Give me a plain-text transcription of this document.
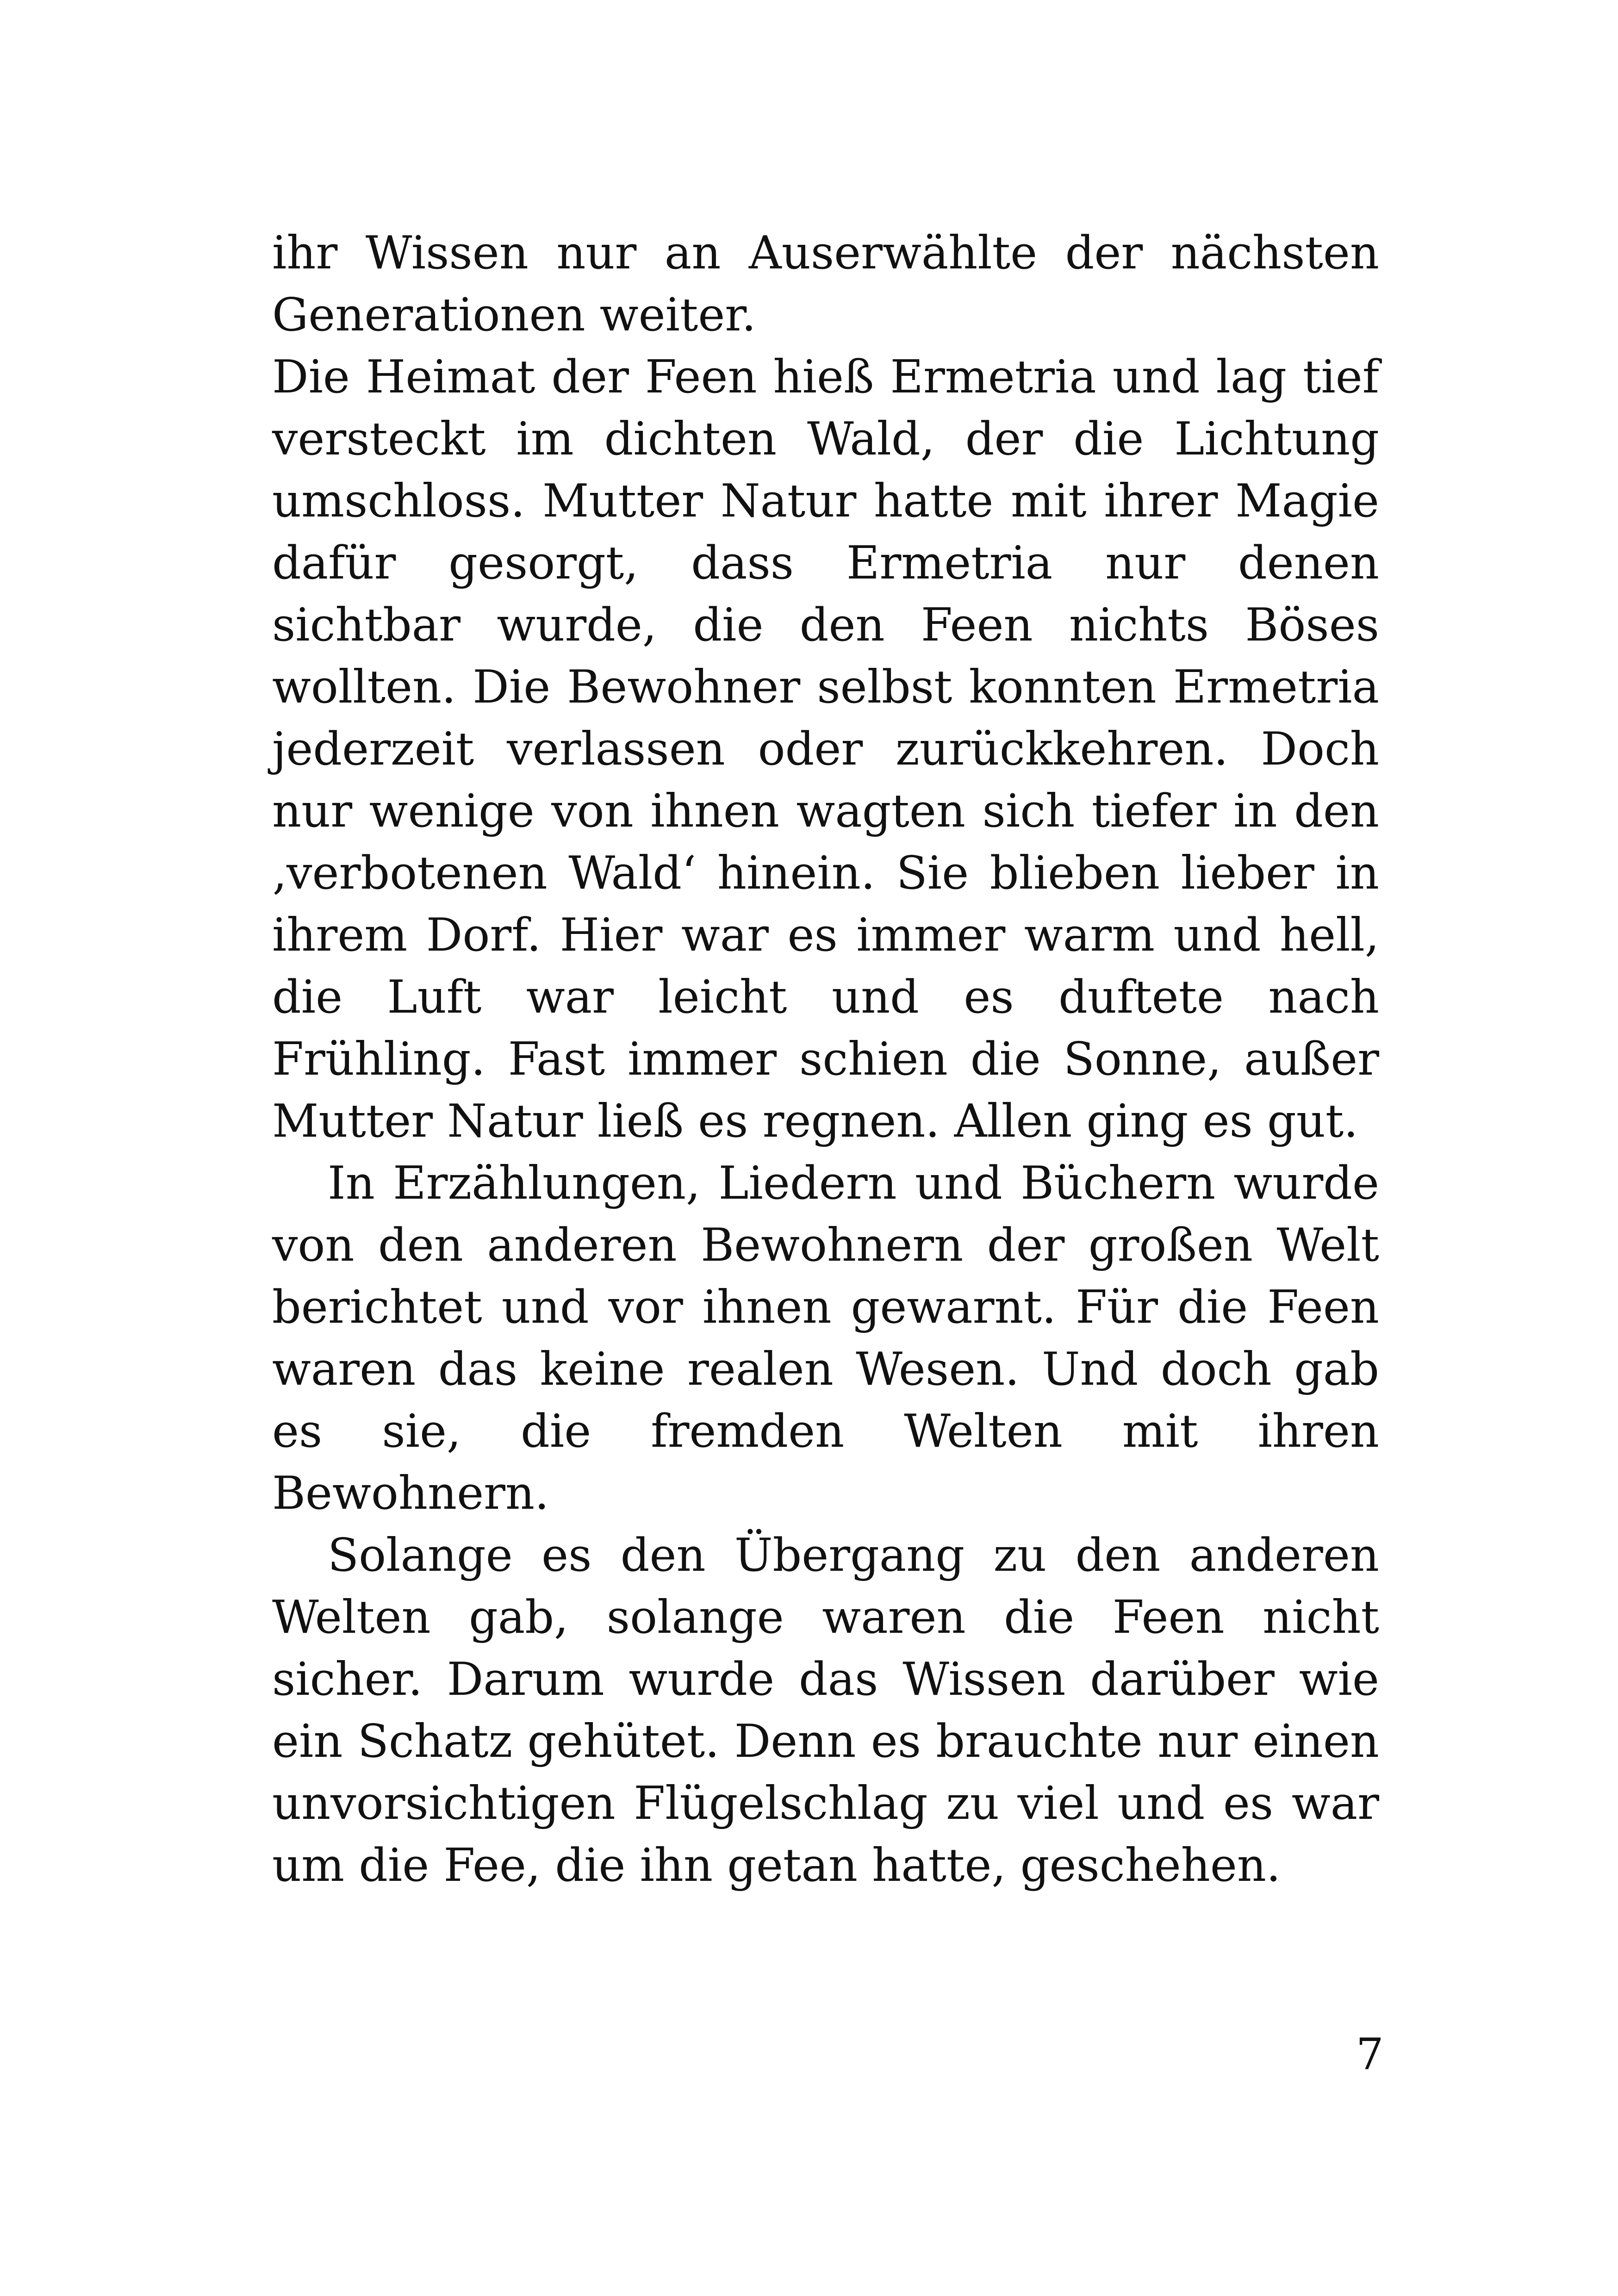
ihr Wissen nur an Auserwählte der nächsten Generationen weiter.

Die Heimat der Feen hieß Ermetria und lag tief versteckt im dichten Wald, der die Lichtung umschloss. Mutter Natur hatte mit ihrer Magie dafür gesorgt, dass Ermetria nur denen sichtbar wurde, die den Feen nichts Böses wollten. Die Bewohner selbst konnten Ermetria jederzeit verlassen oder zurückkehren. Doch nur wenige von ihnen wagten sich tiefer in den ‚verbotenen Wald‘ hinein. Sie blieben lieber in ihrem Dorf. Hier war es immer warm und hell, die Luft war leicht und es duftete nach Frühling. Fast immer schien die Sonne, außer Mutter Natur ließ es regnen. Allen ging es gut.

In Erzählungen, Liedern und Büchern wurde von den anderen Bewohnern der großen Welt berichtet und vor ihnen gewarnt. Für die Feen waren das keine realen Wesen. Und doch gab es sie, die fremden Welten mit ihren Bewohnern.

Solange es den Übergang zu den anderen Welten gab, solange waren die Feen nicht sicher. Darum wurde das Wissen darüber wie ein Schatz gehütet. Denn es brauchte nur einen unvorsichtigen Flügelschlag zu viel und es war um die Fee, die ihn getan hatte, geschehen.

7
